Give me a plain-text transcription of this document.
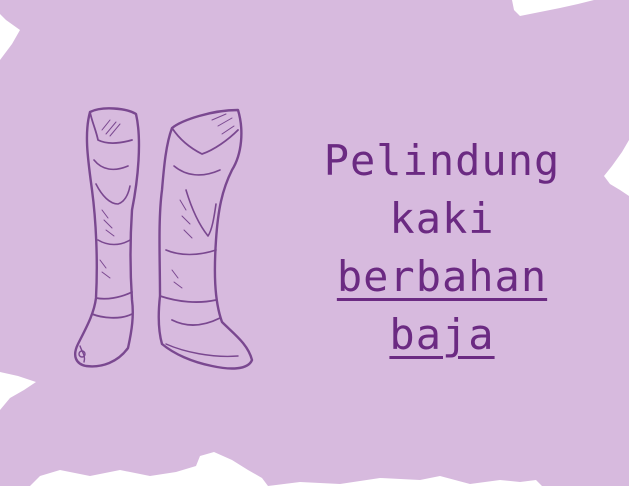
Pelindung
kaki
berbahan
baja
